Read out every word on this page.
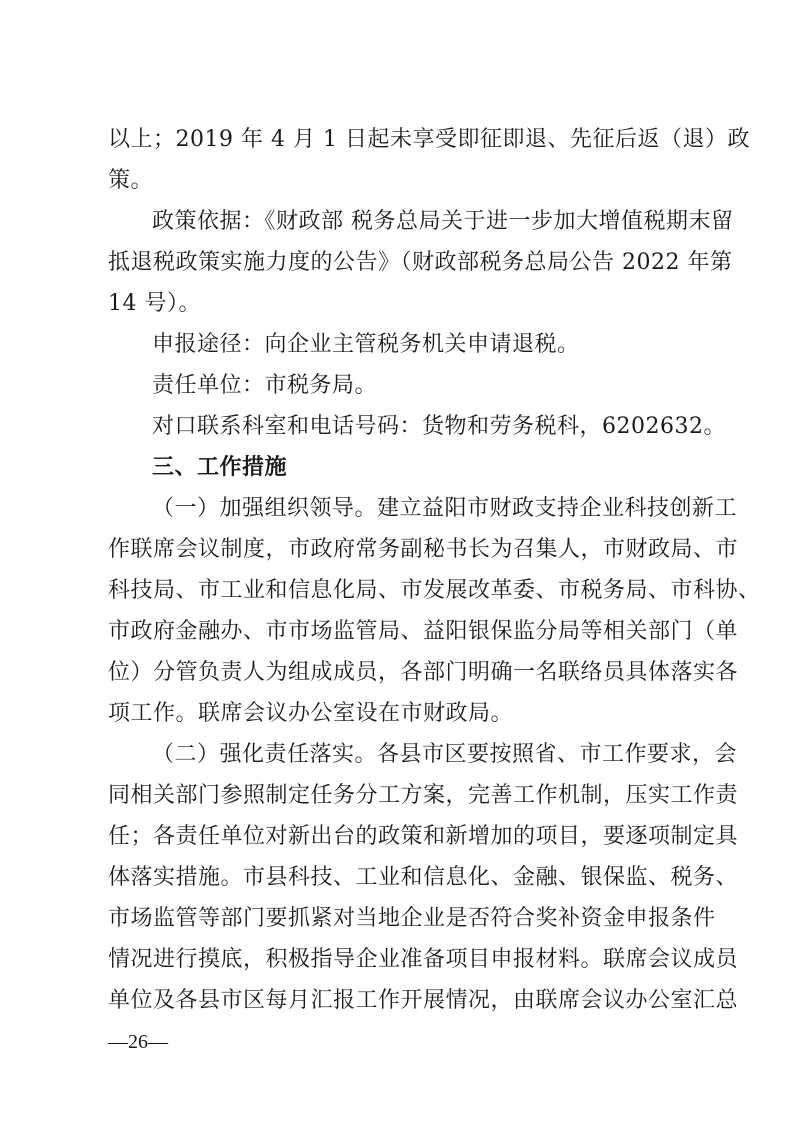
以上；2019 年 4 月 1 日起未享受即征即退、先征后返（退）政
策。
政策依据：《财政部 税务总局关于进一步加大增值税期末留
抵退税政策实施力度的公告》（财政部税务总局公告 2022 年第
14 号）。
申报途径：向企业主管税务机关申请退税。
责任单位：市税务局。
对口联系科室和电话号码：货物和劳务税科，6202632。
三、工作措施
（一）加强组织领导。建立益阳市财政支持企业科技创新工
作联席会议制度，市政府常务副秘书长为召集人，市财政局、市
科技局、市工业和信息化局、市发展改革委、市税务局、市科协、
市政府金融办、市市场监管局、益阳银保监分局等相关部门（单
位）分管负责人为组成成员，各部门明确一名联络员具体落实各
项工作。联席会议办公室设在市财政局。
（二）强化责任落实。各县市区要按照省、市工作要求，会
同相关部门参照制定任务分工方案，完善工作机制，压实工作责
任；各责任单位对新出台的政策和新增加的项目，要逐项制定具
体落实措施。市县科技、工业和信息化、金融、银保监、税务、
市场监管等部门要抓紧对当地企业是否符合奖补资金申报条件
情况进行摸底，积极指导企业准备项目申报材料。联席会议成员
单位及各县市区每月汇报工作开展情况，由联席会议办公室汇总
—26—
